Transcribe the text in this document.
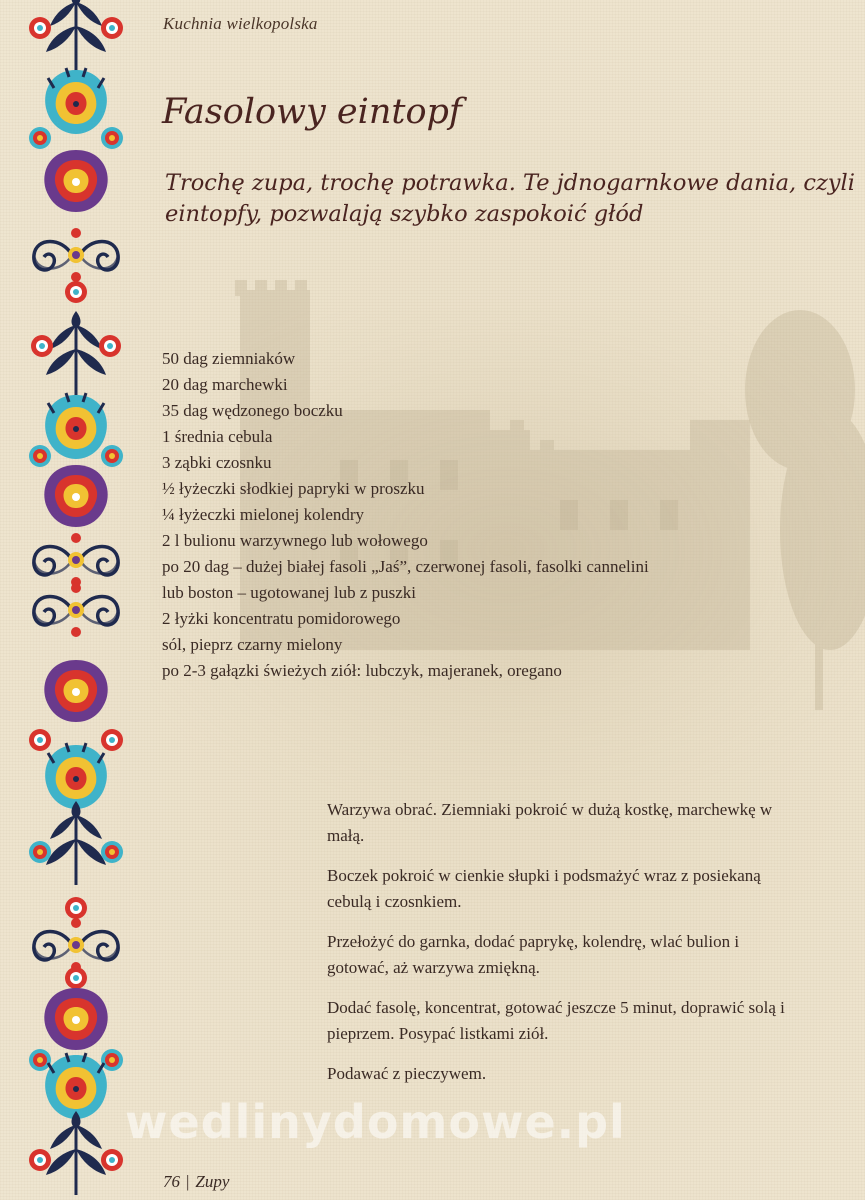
Kuchnia wielkopolska
Fasolowy eintopf

Trochę zupa, trochę potrawka. Te jdnogarnkowe dania, czyli eintopfy, pozwalają szybko zaspokoić głód

50 dag ziemniaków
20 dag marchewki
35 dag wędzonego boczku
1 średnia cebula
3 ząbki czosnku
½ łyżeczki słodkiej papryki w proszku
¼ łyżeczki mielonej kolendry
2 l bulionu warzywnego lub wołowego
po 20 dag – dużej białej fasoli „Jaś”, czerwonej fasoli, fasolki cannelini
lub boston – ugotowanej lub z puszki
2 łyżki koncentratu pomidorowego
sól, pieprz czarny mielony
po 2-3 gałązki świeżych ziół: lubczyk, majeranek, oregano

Warzywa obrać. Ziemniaki pokroić w dużą kostkę, marchewkę w małą.

Boczek pokroić w cienkie słupki i podsmażyć wraz z posiekaną cebulą i czosnkiem.

Przełożyć do garnka, dodać paprykę, kolendrę, wlać bulion i gotować, aż warzywa zmiękną.

Dodać fasolę, koncentrat, gotować jeszcze 5 minut, doprawić solą i pieprzem. Posypać listkami ziół.

Podawać z pieczywem.

wedlinydomowe.pl
76 | Zupy
